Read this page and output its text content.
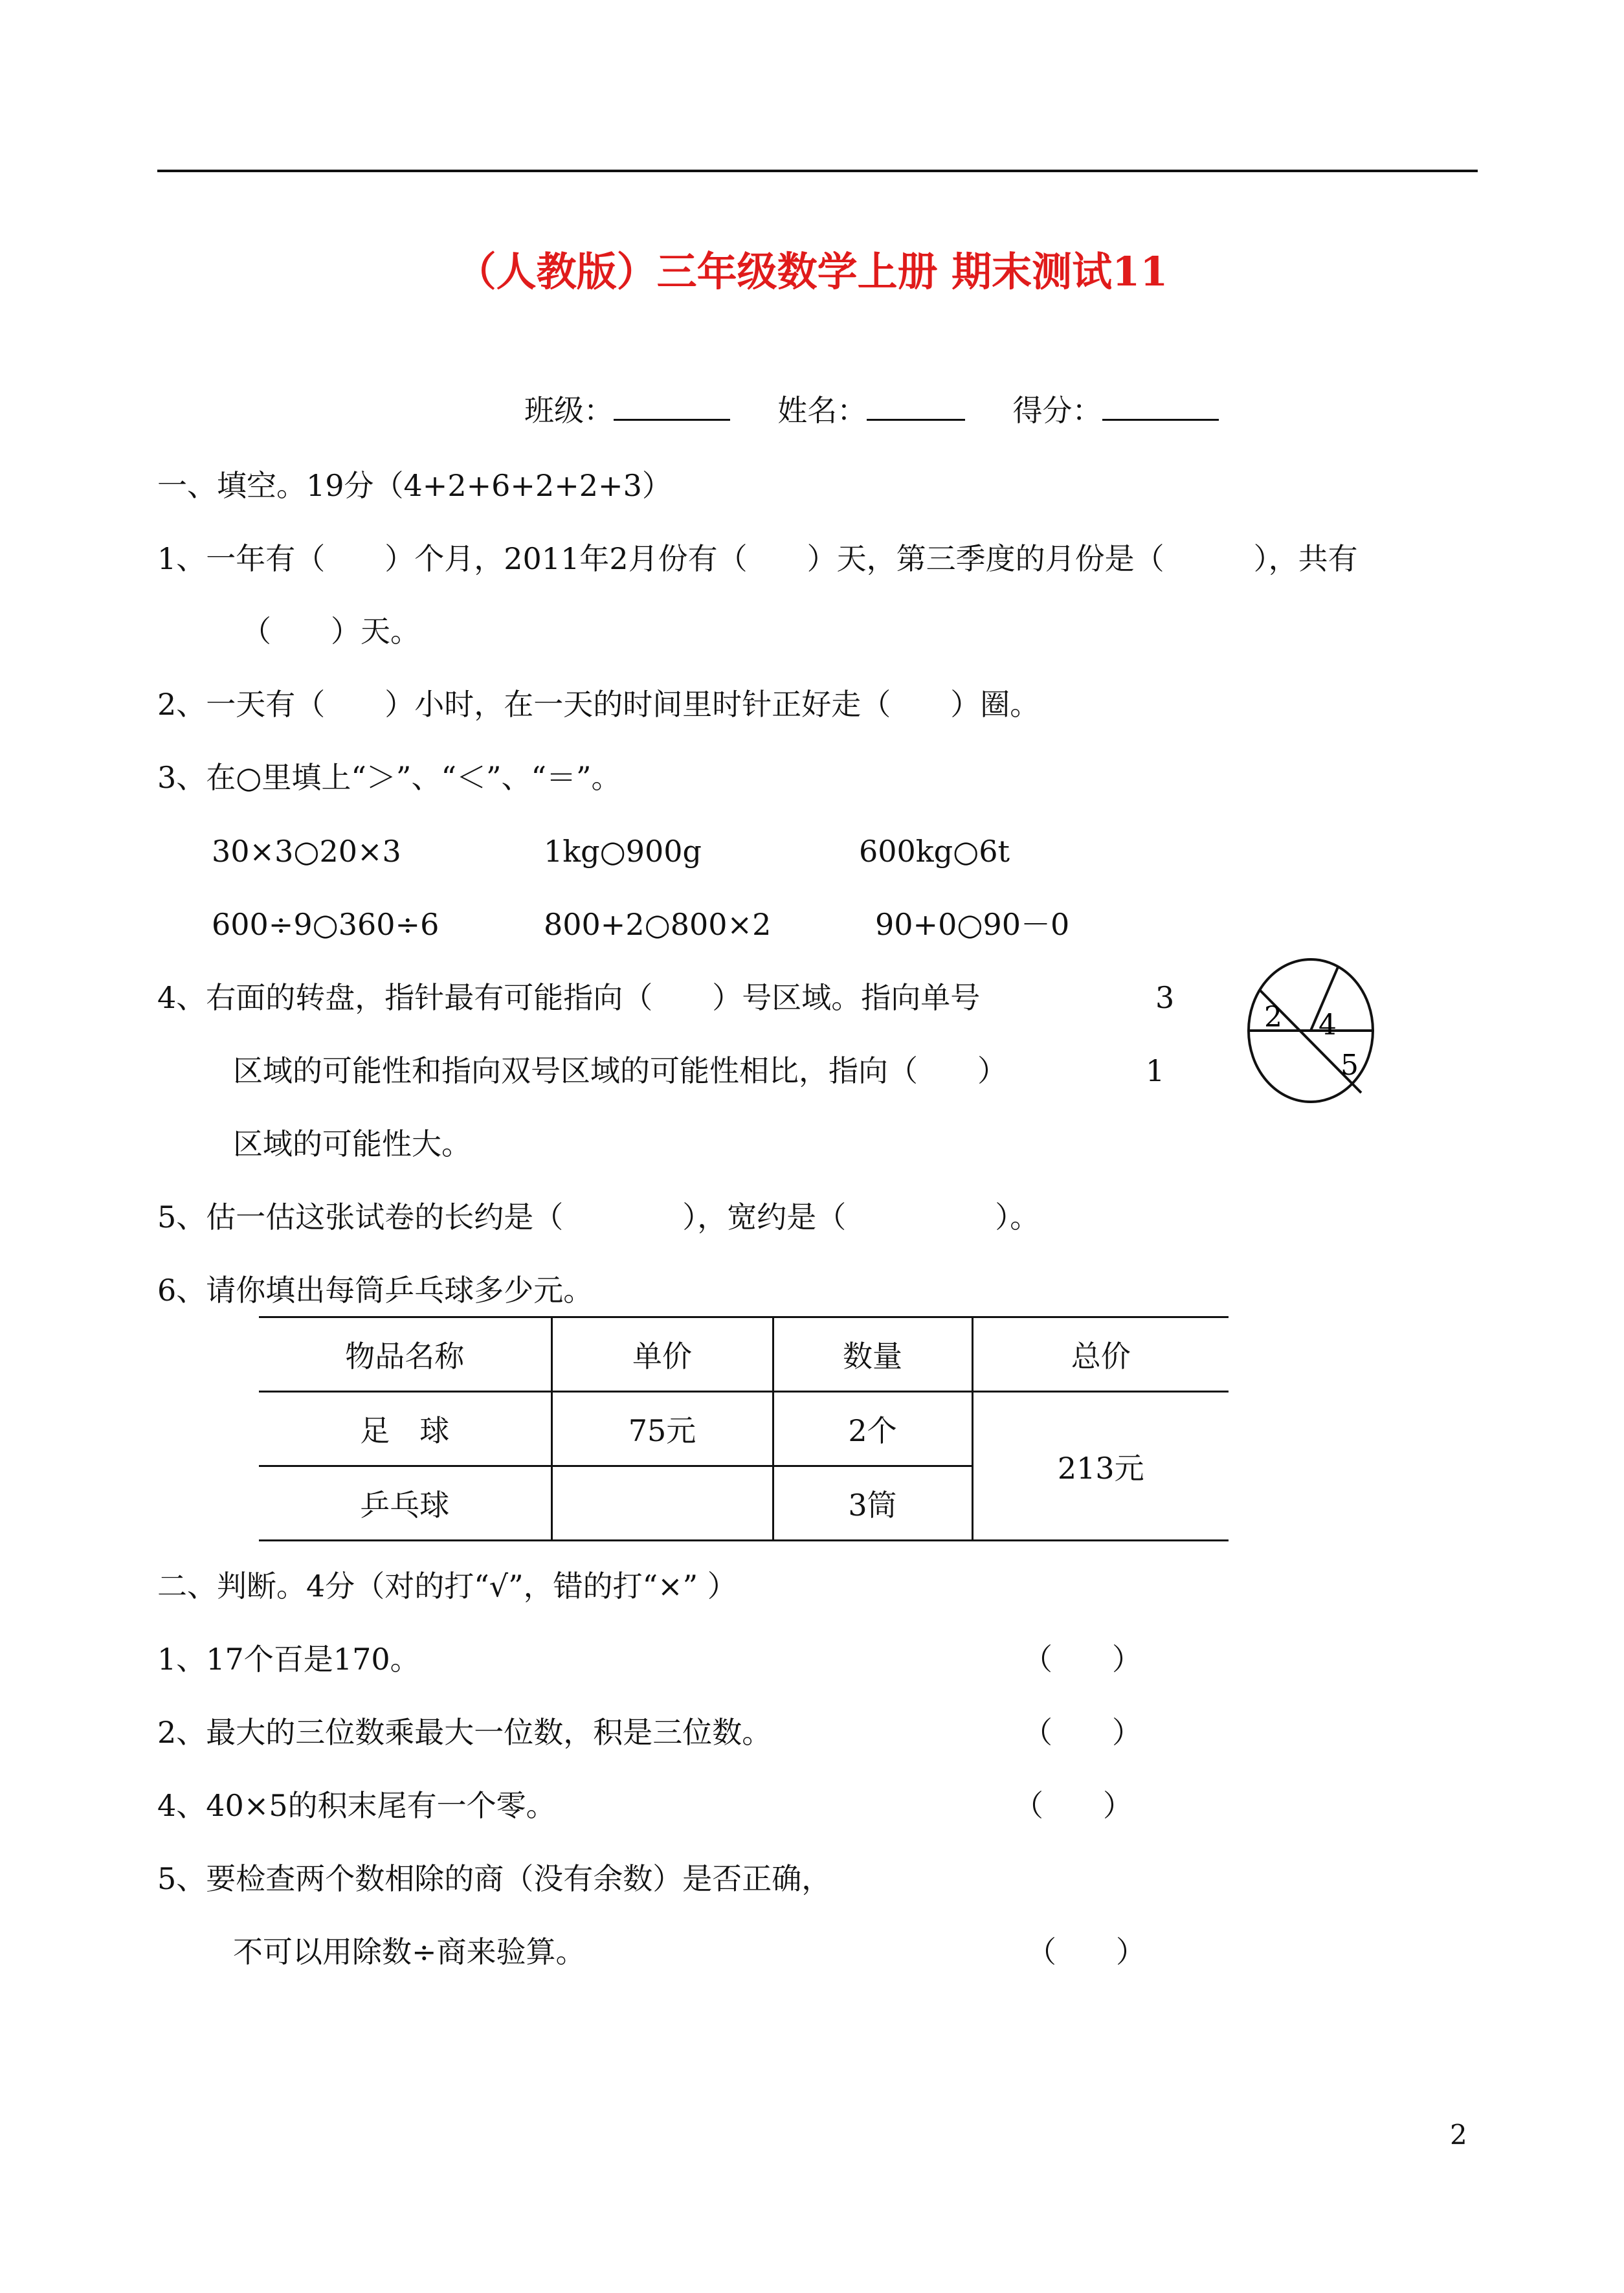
（人教版）三年级数学上册 期末测试11
班级：	姓名：	得分：
一、填空。19分（4+2+6+2+2+3）
1、一年有（　　）个月，2011年2月份有（　　）天，第三季度的月份是（　　　），共有
（　　）天。
2、一天有（　　）小时，在一天的时间里时针正好走（　　）圈。
3、在○里填上“＞”、“＜”、“＝”。
30×3○20×3	1kg○900g	600kg○6t
600÷9○360÷6	800+2○800×2	90+0○90－0
4、右面的转盘，指针最有可能指向（　　）号区域。指向单号	3
区域的可能性和指向双号区域的可能性相比，指向（　　）	1
区域的可能性大。
2 4
5
5、估一估这张试卷的长约是（　　　　），宽约是（　　　　　）。
6、请你填出每筒乒乓球多少元。
物品名称	单价	数量	总价
足　球	75元	2个	213元
乒乓球		3筒	
二、判断。4分（对的打“√”，错的打“×” ）
1、17个百是170。	（　　）
2、最大的三位数乘最大一位数，积是三位数。	（　　）
4、40×5的积末尾有一个零。	（　　）
5、要检查两个数相除的商（没有余数）是否正确，
不可以用除数÷商来验算。	（　　）
2
